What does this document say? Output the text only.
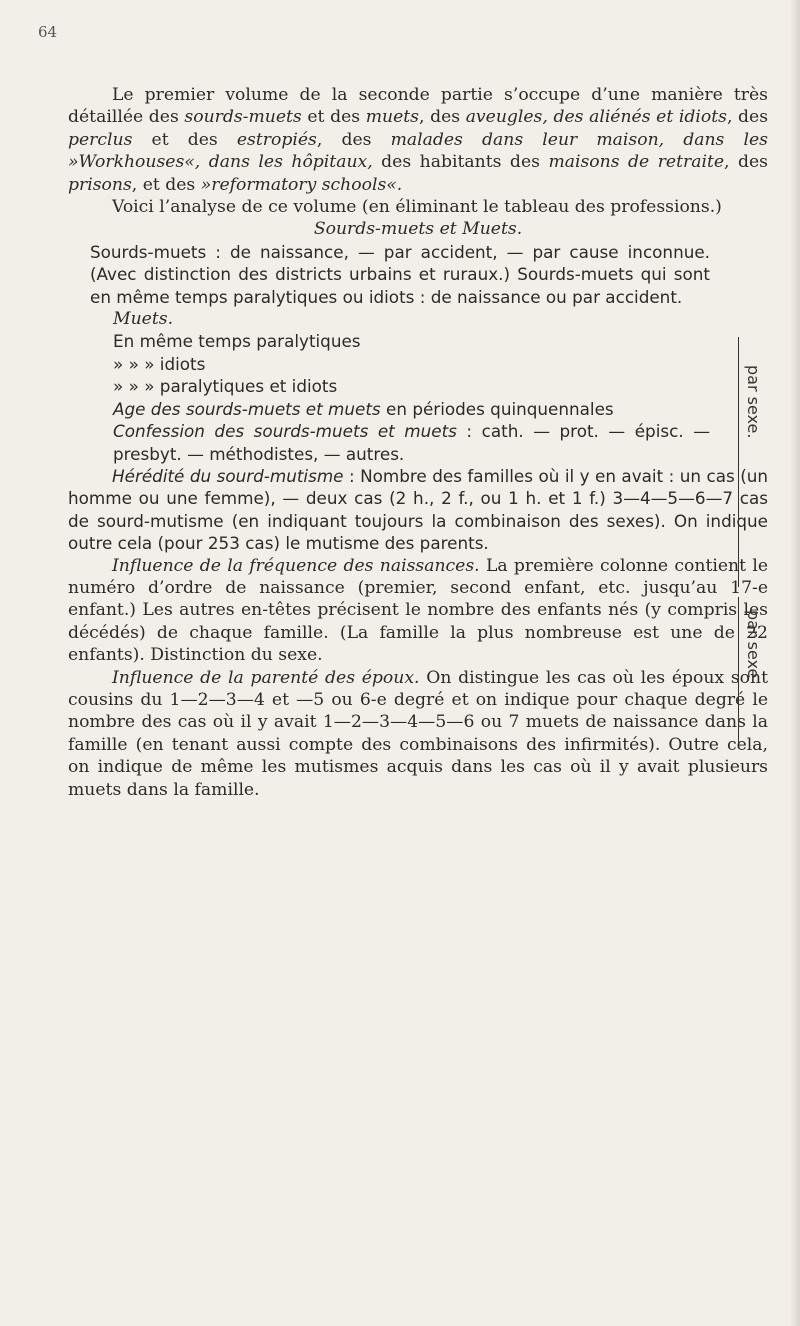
64

Le premier volume de la seconde partie s’occupe d’une manière très détaillée des sourds-muets et des muets, des aveugles, des aliénés et idiots, des perclus et des estropiés, des malades dans leur maison, dans les »Workhouses«, dans les hôpitaux, des habitants des maisons de retraite, des prisons, et des »reformatory schools«.

Voici l’analyse de ce volume (en éliminant le tableau des professions.)

Sourds-muets et Muets.

Sourds-muets : de naissance, — par accident, — par cause inconnue. (Avec distinction des districts urbains et ruraux.) Sourds-muets qui sont en même temps paralytiques ou idiots : de naissance ou par accident.

Muets.

En même temps paralytiques

» » » idiots

» » » paralytiques et idiots

Age des sourds-muets et muets en périodes quinquennales

Confession des sourds-muets et muets : cath. — prot. — épisc. — presbyt. — méthodistes, — autres.

Hérédité du sourd-mutisme : Nombre des familles où il y en avait : un cas (un homme ou une femme), — deux cas (2 h., 2 f., ou 1 h. et 1 f.) 3—4—5—6—7 cas de sourd-mutisme (en indiquant toujours la combinaison des sexes). On indique outre cela (pour 253 cas) le mutisme des parents.

Influence de la fréquence des naissances. La première colonne contient le numéro d’ordre de naissance (premier, second enfant, etc. jusqu’au 17-e enfant.) Les autres en-têtes précisent le nombre des enfants nés (y compris les décédés) de chaque famille. (La famille la plus nombreuse est une de 22 enfants). Distinction du sexe.

Influence de la parenté des époux. On distingue les cas où les époux sont cousins du 1—2—3—4 et —5 ou 6-e degré et on indique pour chaque degré le nombre des cas où il y avait 1—2—3—4—5—6 ou 7 muets de naissance dans la famille (en tenant aussi compte des combinaisons des infirmités). Outre cela, on indique de même les mutismes acquis dans les cas où il y avait plusieurs muets dans la famille.

par sexe.
par sexe
